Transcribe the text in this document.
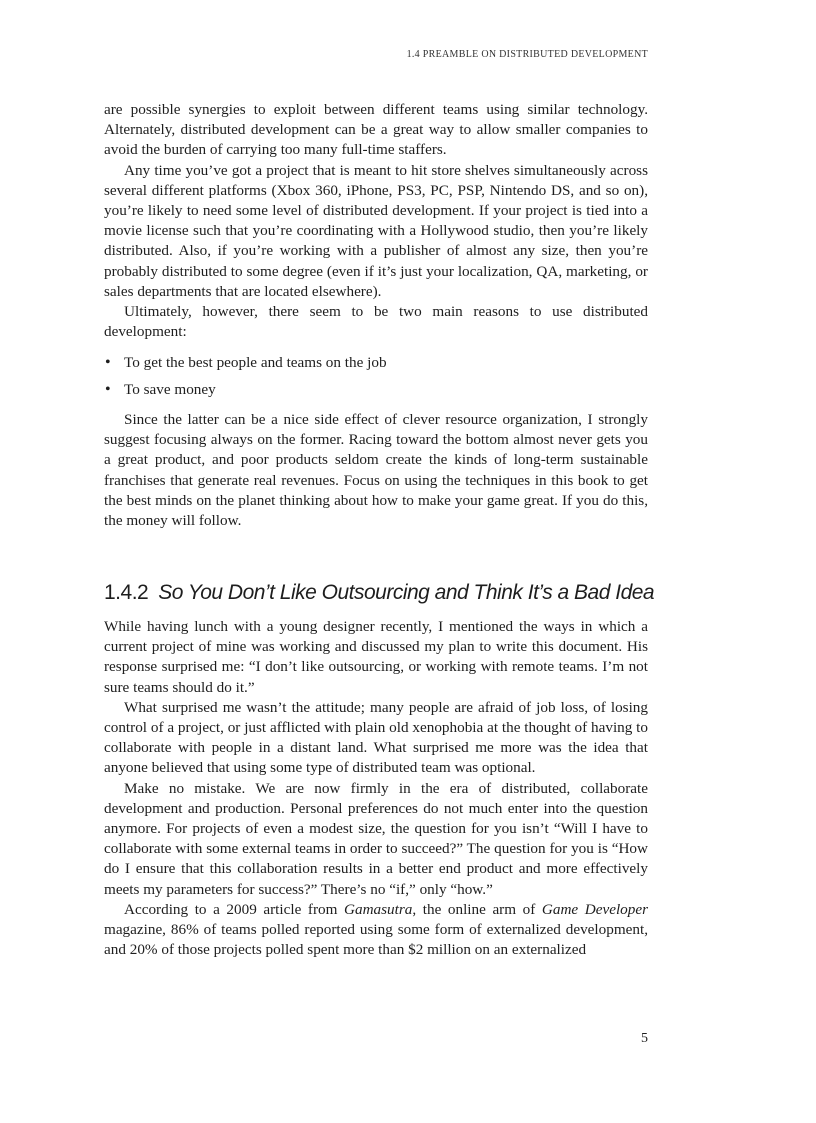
1.4 PREAMBLE ON DISTRIBUTED DEVELOPMENT

are possible synergies to exploit between different teams using similar technology. Alternately, distributed development can be a great way to allow smaller companies to avoid the burden of carrying too many full-time staffers.

Any time you’ve got a project that is meant to hit store shelves simultaneously across several different platforms (Xbox 360, iPhone, PS3, PC, PSP, Nintendo DS, and so on), you’re likely to need some level of distributed development. If your project is tied into a movie license such that you’re coordinating with a Hollywood studio, then you’re likely distributed. Also, if you’re working with a publisher of almost any size, then you’re probably distributed to some degree (even if it’s just your localization, QA, marketing, or sales departments that are located elsewhere).

Ultimately, however, there seem to be two main reasons to use distributed development:

• To get the best people and teams on the job
• To save money

Since the latter can be a nice side effect of clever resource organization, I strongly suggest focusing always on the former. Racing toward the bottom almost never gets you a great product, and poor products seldom create the kinds of long-term sustainable franchises that generate real revenues. Focus on using the techniques in this book to get the best minds on the planet thinking about how to make your game great. If you do this, the money will follow.

1.4.2 So You Don’t Like Outsourcing and Think It’s a Bad Idea

While having lunch with a young designer recently, I mentioned the ways in which a current project of mine was working and discussed my plan to write this document. His response surprised me: “I don’t like outsourcing, or working with remote teams. I’m not sure teams should do it.”

What surprised me wasn’t the attitude; many people are afraid of job loss, of losing control of a project, or just afflicted with plain old xenophobia at the thought of having to collaborate with people in a distant land. What surprised me more was the idea that anyone believed that using some type of distributed team was optional.

Make no mistake. We are now firmly in the era of distributed, collaborate development and production. Personal preferences do not much enter into the question anymore. For projects of even a modest size, the question for you isn’t “Will I have to collaborate with some external teams in order to succeed?” The question for you is “How do I ensure that this collaboration results in a better end product and more effectively meets my parameters for success?” There’s no “if,” only “how.”

According to a 2009 article from Gamasutra, the online arm of Game Developer magazine, 86% of teams polled reported using some form of externalized development, and 20% of those projects polled spent more than $2 million on an externalized

5
